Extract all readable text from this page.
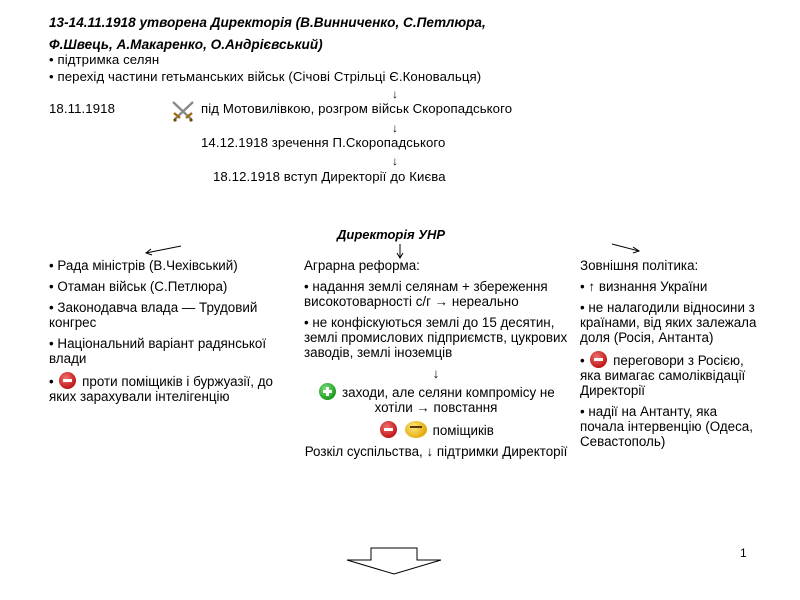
13-14.11.1918 утворена Директорія (В.Винниченко, С.Петлюра,
Ф.Швець, А.Макаренко, О.Андрієвський)
• підтримка селян
• перехід частини гетьманських військ (Січові Стрільці Є.Коновальця)
↓
18.11.1918	під Мотовилівкою, розгром військ Скоропадського
↓
14.12.1918 зречення П.Скоропадського
↓
18.12.1918 вступ Директорії до Києва
Директорія УНР

• Рада міністрів (В.Чехівський)

• Отаман військ (С.Петлюра)

• Законодавча влада — Трудовий конгрес

• Національний варіант радянської влади

• проти поміщиків і буржуазії, до яких зарахували інтелігенцію

Аграрна реформа:

• надання землі селянам + збереження високотоварності с/г → нереально

• не конфіскуються землі до 15 десятин, землі промислових підприємств, цукрових заводів, землі іноземців

↓

заходи, але селяни компромісу не хотіли → повстання

поміщиків

Розкіл суспільства, ↓ підтримки Директорії

Зовнішня політика:

• ↑ визнання України

• не налагодили відносини з країнами, від яких залежала доля (Росія, Антанта)

• переговори з Росією, яка вимагає самоліквідації Директорії

• надії на Антанту, яка почала інтервенцію (Одеса, Севастополь)

1
